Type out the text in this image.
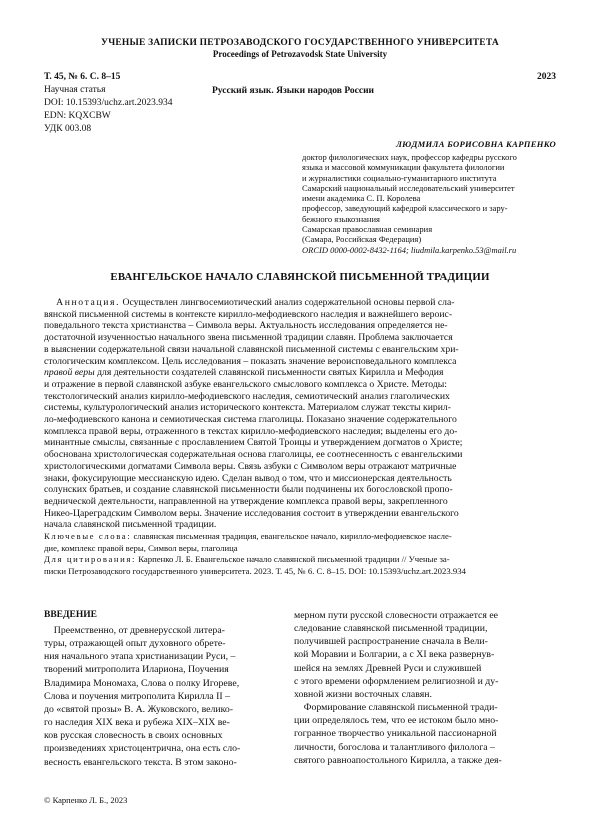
УЧЕНЫЕ ЗАПИСКИ ПЕТРОЗАВОДСКОГО ГОСУДАРСТВЕННОГО УНИВЕРСИТЕТА
Proceedings of Petrozavodsk State University
Т. 45, № 6. С. 8–15	2023
Научная статья
DOI: 10.15393/uchz.art.2023.934
EDN: KQXCBW
УДК 003.08
Русский язык. Языки народов России
ЛЮДМИЛА БОРИСОВНА КАРПЕНКО
доктор филологических наук, профессор кафедры русского
языка и массовой коммуникации факультета филологии
и журналистики социально-гуманитарного института
Самарский национальный исследовательский университет
имени академика С. П. Королева
профессор, заведующий кафедрой классического и зару-
бежного языкознания
Самарская православная семинария
(Самара, Российская Федерация)
ORCID 0000-0002-8432-1164; liudmila.karpenko.53@mail.ru
ЕВАНГЕЛЬСКОЕ НАЧАЛО СЛАВЯНСКОЙ ПИСЬМЕННОЙ ТРАДИЦИИ
Аннотация. Осуществлен лингвосемиотический анализ содержательной основы первой сла-
вянской письменной системы в контексте кирилло-мефодиевского наследия и важнейшего вероис-
поведального текста христианства – Символа веры. Актуальность исследования определяется не-
достаточной изученностью начального звена письменной традиции славян. Проблема заключается
в выяснении содержательной связи начальной славянской письменной системы с евангельским хри-
стологическим комплексом. Цель исследования – показать значение вероисповедального комплекса
правой веры для деятельности создателей славянской письменности святых Кирилла и Мефодия
и отражение в первой славянской азбуке евангельского смыслового комплекса о Христе. Методы:
текстологический анализ кирилло-мефодиевского наследия, семиотический анализ глаголических
системы, культурологический анализ исторического контекста. Материалом служат тексты кирил-
ло-мефодиевского канона и семиотическая система глаголицы. Показано значение содержательного
комплекса правой веры, отраженного в текстах кирилло-мефодиевского наследия; выделены его до-
минантные смыслы, связанные с прославлением Святой Троицы и утверждением догматов о Христе;
обоснована христологическая содержательная основа глаголицы, ее соотнесенность с евангельскими
христологическими догматами Символа веры. Связь азбуки с Символом веры отражают матричные
знаки, фокусирующие мессианскую идею. Сделан вывод о том, что и миссионерская деятельность
солунских братьев, и создание славянской письменности были подчинены их богословской пропо-
веднической деятельности, направленной на утверждение комплекса правой веры, закрепленного
Никео-Цареградским Символом веры. Значение исследования состоит в утверждении евангельского
начала славянской письменной традиции.
Ключевые слова: славянская письменная традиция, евангельское начало, кирилло-мефодиевское насле-
дие, комплекс правой веры, Символ веры, глаголица
Для цитирования: Карпенко Л. Б. Евангельское начало славянской письменной традиции // Ученые за-
писки Петрозаводского государственного университета. 2023. Т. 45, № 6. С. 8–15. DOI: 10.15393/uchz.art.2023.934
ВВЕДЕНИЕ
Преемственно, от древнерусской литера-
туры, отражающей опыт духовного обрете-
ния начального этапа христианизации Руси, –
творений митрополита Илариона, Поучения
Владимира Мономаха, Слова о полку Игореве,
Слова и поучения митрополита Кирилла II –
до «святой прозы» В. А. Жуковского, велико-
го наследия XIX века и рубежа XIX–XIX ве-
ков русская словесность в своих основных
произведениях христоцентрична, она есть сло-
весность евангельского текста. В этом законо-
мерном пути русской словесности отражается ее
следование славянской письменной традиции,
получившей распространение сначала в Вели-
кой Моравии и Болгарии, а с XI века развернув-
шейся на землях Древней Руси и служившей
с этого времени оформлением религиозной и ду-
ховной жизни восточных славян.
Формирование славянской письменной тради-
ции определялось тем, что ее истоком было мно-
гогранное творчество уникальной пассионарной
личности, богослова и талантливого филолога –
святого равноапостольного Кирилла, а также дея-
© Карпенко Л. Б., 2023
